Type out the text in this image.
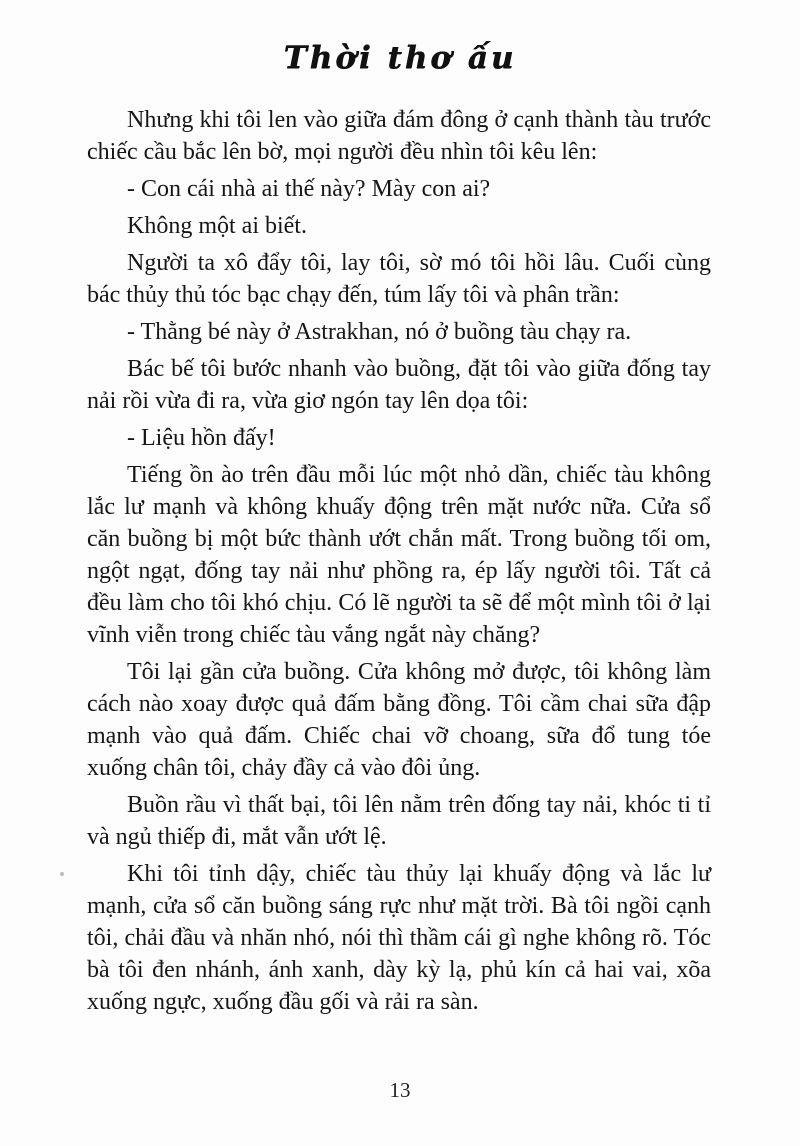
Thời thơ ấu

Nhưng khi tôi len vào giữa đám đông ở cạnh thành tàu trước chiếc cầu bắc lên bờ, mọi người đều nhìn tôi kêu lên:

- Con cái nhà ai thế này? Mày con ai?

Không một ai biết.

Người ta xô đẩy tôi, lay tôi, sờ mó tôi hồi lâu. Cuối cùng bác thủy thủ tóc bạc chạy đến, túm lấy tôi và phân trần:

- Thằng bé này ở Astrakhan, nó ở buồng tàu chạy ra.

Bác bế tôi bước nhanh vào buồng, đặt tôi vào giữa đống tay nải rồi vừa đi ra, vừa giơ ngón tay lên dọa tôi:

- Liệu hồn đấy!

Tiếng ồn ào trên đầu mỗi lúc một nhỏ dần, chiếc tàu không lắc lư mạnh và không khuấy động trên mặt nước nữa. Cửa sổ căn buồng bị một bức thành ướt chắn mất. Trong buồng tối om, ngột ngạt, đống tay nải như phồng ra, ép lấy người tôi. Tất cả đều làm cho tôi khó chịu. Có lẽ người ta sẽ để một mình tôi ở lại vĩnh viễn trong chiếc tàu vắng ngắt này chăng?

Tôi lại gần cửa buồng. Cửa không mở được, tôi không làm cách nào xoay được quả đấm bằng đồng. Tôi cầm chai sữa đập mạnh vào quả đấm. Chiếc chai vỡ choang, sữa đổ tung tóe xuống chân tôi, chảy đầy cả vào đôi ủng.

Buồn rầu vì thất bại, tôi lên nằm trên đống tay nải, khóc ti tỉ và ngủ thiếp đi, mắt vẫn ướt lệ.

Khi tôi tỉnh dậy, chiếc tàu thủy lại khuấy động và lắc lư mạnh, cửa sổ căn buồng sáng rực như mặt trời. Bà tôi ngồi cạnh tôi, chải đầu và nhăn nhó, nói thì thầm cái gì nghe không rõ. Tóc bà tôi đen nhánh, ánh xanh, dày kỳ lạ, phủ kín cả hai vai, xõa xuống ngực, xuống đầu gối và rải ra sàn.

13
